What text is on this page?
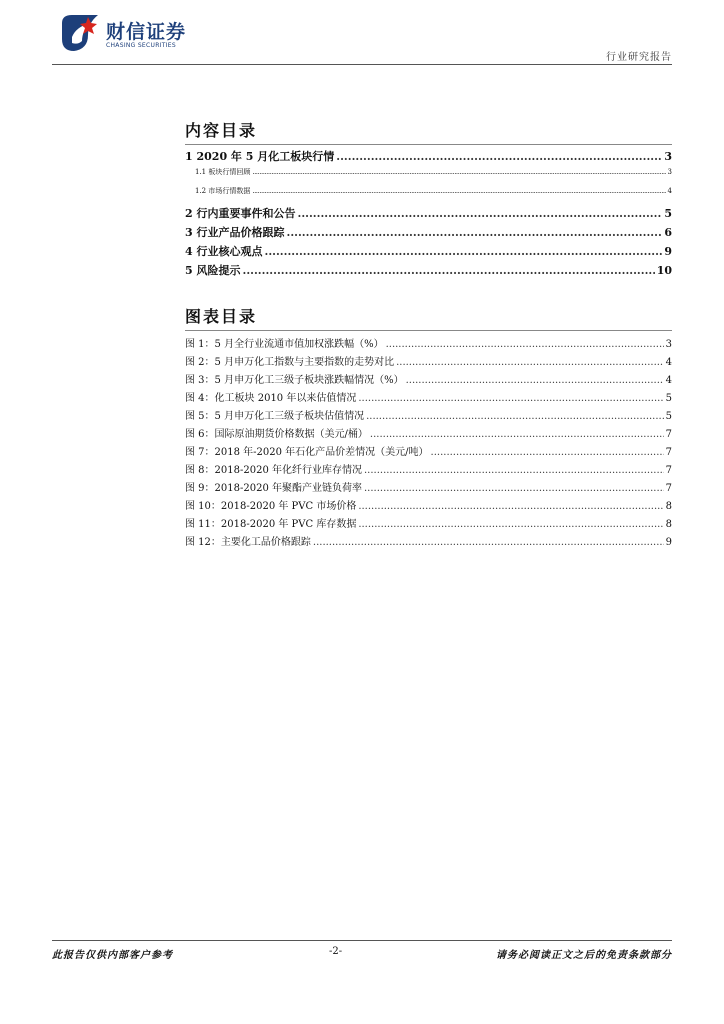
财信证券
CHASING SECURITIES
行业研究报告
内容目录
1 2020 年 5 月化工板块行情 .....	3
1.1 板块行情回顾 .....	3
1.2 市场行情数据 .....	4
2 行内重要事件和公告 .....	5
3 行业产品价格跟踪 .....	6
4 行业核心观点 .....	9
5 风险提示 .....	10
图表目录
图 1：5 月全行业流通市值加权涨跌幅（%） .....	3
图 2：5 月申万化工指数与主要指数的走势对比 .....	4
图 3：5 月申万化工三级子板块涨跌幅情况（%） .....	4
图 4：化工板块 2010 年以来估值情况 .....	5
图 5：5 月申万化工三级子板块估值情况 .....	5
图 6：国际原油期货价格数据（美元/桶） .....	7
图 7：2018 年-2020 年石化产品价差情况（美元/吨） .....	7
图 8：2018-2020 年化纤行业库存情况 .....	7
图 9：2018-2020 年聚酯产业链负荷率 .....	7
图 10：2018-2020 年 PVC 市场价格 .....	8
图 11：2018-2020 年 PVC 库存数据 .....	8
图 12：主要化工品价格跟踪 .....	9
此报告仅供内部客户参考	-2-	请务必阅读正文之后的免责条款部分
